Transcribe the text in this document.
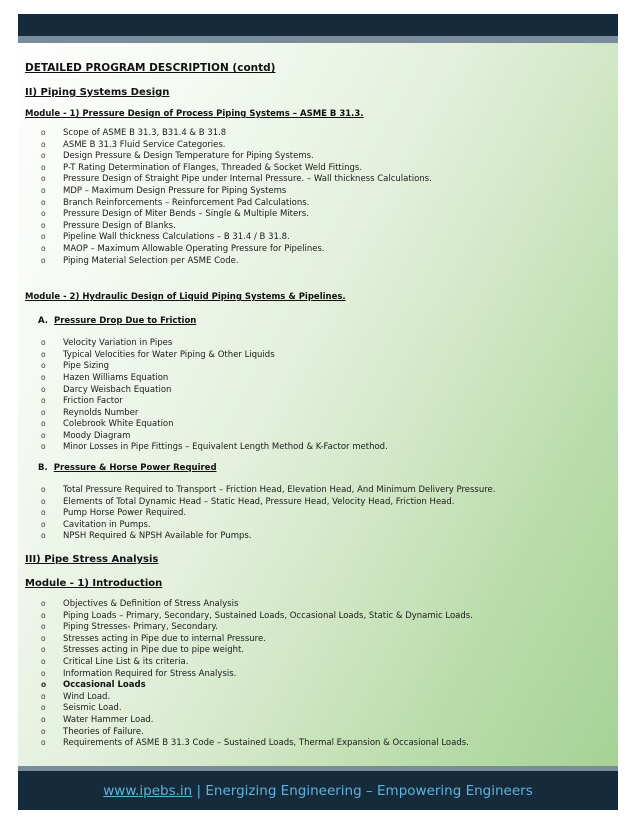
DETAILED PROGRAM DESCRIPTION (contd)
II) Piping Systems Design
Module - 1) Pressure Design of Process Piping Systems – ASME B 31.3.
o Scope of ASME B 31.3, B31.4 & B 31.8
o ASME B 31.3 Fluid Service Categories.
o Design Pressure & Design Temperature for Piping Systems.
o P-T Rating Determination of Flanges, Threaded & Socket Weld Fittings.
o Pressure Design of Straight Pipe under Internal Pressure. – Wall thickness Calculations.
o MDP – Maximum Design Pressure for Piping Systems
o Branch Reinforcements – Reinforcement Pad Calculations.
o Pressure Design of Miter Bends – Single & Multiple Miters.
o Pressure Design of Blanks.
o Pipeline Wall thickness Calculations – B 31.4 / B 31.8.
o MAOP – Maximum Allowable Operating Pressure for Pipelines.
o Piping Material Selection per ASME Code.
Module - 2) Hydraulic Design of Liquid Piping Systems & Pipelines.
A. Pressure Drop Due to Friction
o Velocity Variation in Pipes
o Typical Velocities for Water Piping & Other Liquids
o Pipe Sizing
o Hazen Williams Equation
o Darcy Weisbach Equation
o Friction Factor
o Reynolds Number
o Colebrook White Equation
o Moody Diagram
o Minor Losses in Pipe Fittings – Equivalent Length Method & K-Factor method.
B. Pressure & Horse Power Required
o Total Pressure Required to Transport – Friction Head, Elevation Head, And Minimum Delivery Pressure.
o Elements of Total Dynamic Head – Static Head, Pressure Head, Velocity Head, Friction Head.
o Pump Horse Power Required.
o Cavitation in Pumps.
o NPSH Required & NPSH Available for Pumps.
III) Pipe Stress Analysis
Module - 1) Introduction
o Objectives & Definition of Stress Analysis
o Piping Loads – Primary, Secondary, Sustained Loads, Occasional Loads, Static & Dynamic Loads.
o Piping Stresses- Primary, Secondary.
o Stresses acting in Pipe due to internal Pressure.
o Stresses acting in Pipe due to pipe weight.
o Critical Line List & its criteria.
o Information Required for Stress Analysis.
o Occasional Loads
o Wind Load.
o Seismic Load.
o Water Hammer Load.
o Theories of Failure.
o Requirements of ASME B 31.3 Code – Sustained Loads, Thermal Expansion & Occasional Loads.
www.ipebs.in | Energizing Engineering – Empowering Engineers
